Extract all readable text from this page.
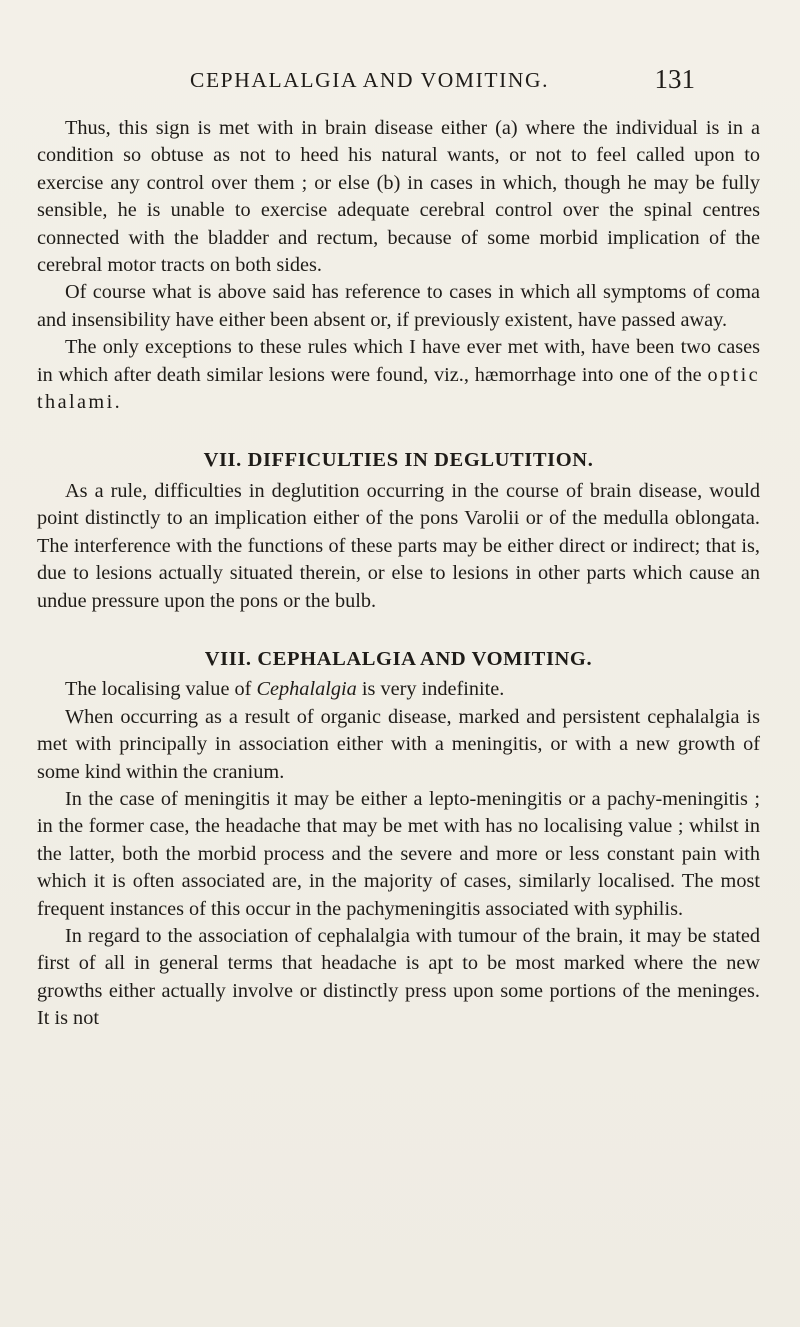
CEPHALALGIA AND VOMITING.	131

Thus, this sign is met with in brain disease either (a) where the individual is in a condition so obtuse as not to heed his natural wants, or not to feel called upon to exercise any control over them ; or else (b) in cases in which, though he may be fully sensible, he is unable to exercise adequate cerebral control over the spinal centres connected with the bladder and rectum, because of some morbid implication of the cerebral motor tracts on both sides.

Of course what is above said has reference to cases in which all symptoms of coma and insensibility have either been absent or, if previously existent, have passed away.

The only exceptions to these rules which I have ever met with, have been two cases in which after death similar lesions were found, viz., hæmorrhage into one of the optic thalami.

VII. DIFFICULTIES IN DEGLUTITION.

As a rule, difficulties in deglutition occurring in the course of brain disease, would point distinctly to an implication either of the pons Varolii or of the medulla oblongata. The interference with the functions of these parts may be either direct or indirect; that is, due to lesions actually situated therein, or else to lesions in other parts which cause an undue pressure upon the pons or the bulb.

VIII. CEPHALALGIA AND VOMITING.

The localising value of Cephalalgia is very indefinite.

When occurring as a result of organic disease, marked and persistent cephalalgia is met with principally in association either with a meningitis, or with a new growth of some kind within the cranium.

In the case of meningitis it may be either a lepto-meningitis or a pachy-meningitis ; in the former case, the headache that may be met with has no localising value ; whilst in the latter, both the morbid process and the severe and more or less constant pain with which it is often associated are, in the majority of cases, similarly localised. The most frequent instances of this occur in the pachymeningitis associated with syphilis.

In regard to the association of cephalalgia with tumour of the brain, it may be stated first of all in general terms that headache is apt to be most marked where the new growths either actually involve or distinctly press upon some portions of the meninges. It is not
